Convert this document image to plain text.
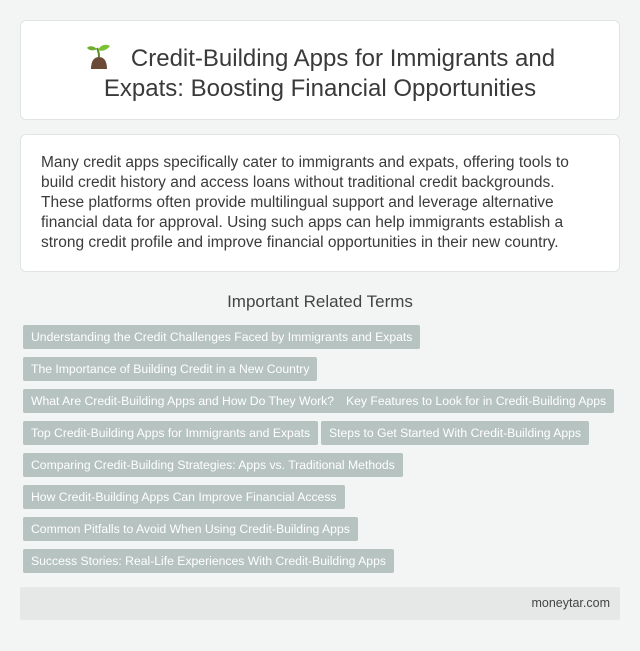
Credit-Building Apps for Immigrants and Expats: Boosting Financial Opportunities

Many credit apps specifically cater to immigrants and expats, offering tools to build credit history and access loans without traditional credit backgrounds. These platforms often provide multilingual support and leverage alternative financial data for approval. Using such apps can help immigrants establish a strong credit profile and improve financial opportunities in their new country.

Important Related Terms
Understanding the Credit Challenges Faced by Immigrants and Expats
The Importance of Building Credit in a New Country
What Are Credit-Building Apps and How Do They Work? Key Features to Look for in Credit-Building Apps
Top Credit-Building Apps for Immigrants and Expats	Steps to Get Started With Credit-Building Apps
Comparing Credit-Building Strategies: Apps vs. Traditional Methods
How Credit-Building Apps Can Improve Financial Access
Common Pitfalls to Avoid When Using Credit-Building Apps
Success Stories: Real-Life Experiences With Credit-Building Apps
moneytar.com
